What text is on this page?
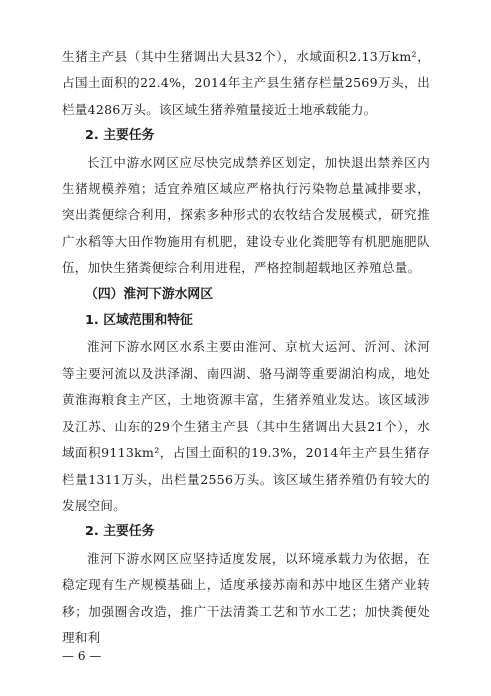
生猪主产县（其中生猪调出大县32个），水域面积2.13万km²，占国土面积的22.4%，2014年主产县生猪存栏量2569万头，出栏量4286万头。该区域生猪养殖量接近土地承载能力。

2. 主要任务

长江中游水网区应尽快完成禁养区划定，加快退出禁养区内生猪规模养殖；适宜养殖区域应严格执行污染物总量减排要求，突出粪便综合利用，探索多种形式的农牧结合发展模式，研究推广水稻等大田作物施用有机肥，建设专业化粪肥等有机肥施肥队伍，加快生猪粪便综合利用进程，严格控制超载地区养殖总量。

（四）淮河下游水网区
1. 区域范围和特征

淮河下游水网区水系主要由淮河、京杭大运河、沂河、沭河等主要河流以及洪泽湖、南四湖、骆马湖等重要湖泊构成，地处黄淮海粮食主产区，土地资源丰富，生猪养殖业发达。该区域涉及江苏、山东的29个生猪主产县（其中生猪调出大县21个），水域面积9113km²，占国土面积的19.3%，2014年主产县生猪存栏量1311万头，出栏量2556万头。该区域生猪养殖仍有较大的发展空间。

2. 主要任务

淮河下游水网区应坚持适度发展，以环境承载力为依据，在稳定现有生产规模基础上，适度承接苏南和苏中地区生猪产业转移；加强圈舍改造，推广干法清粪工艺和节水工艺；加快粪便处理和利

— 6 —
